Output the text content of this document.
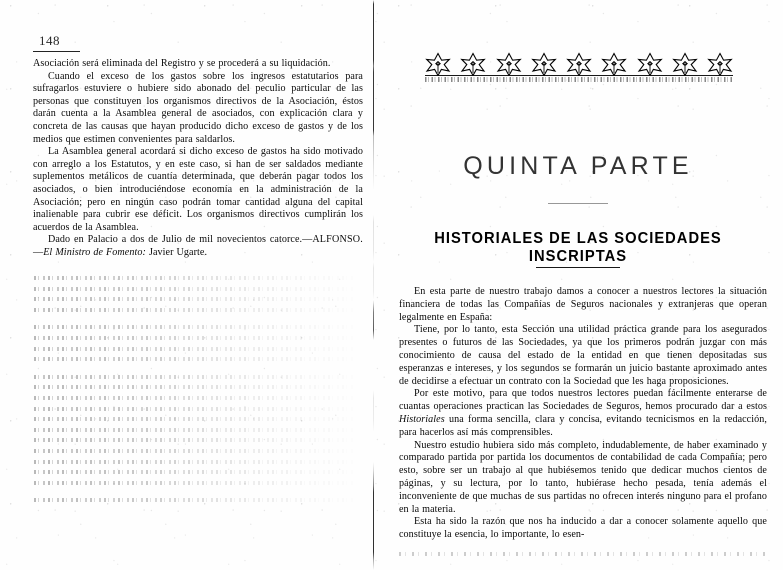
148

Asociación será eliminada del Registro y se procederá a su liquidación.

Cuando el exceso de los gastos sobre los ingresos estatutarios para sufragarlos estuviere o hubiere sido abonado del peculio particular de las personas que constituyen los organismos directivos de la Asociación, éstos darán cuenta a la Asamblea general de asociados, con explicación clara y concreta de las causas que hayan producido dicho exceso de gastos y de los medios que estimen convenientes para saldarlos.

La Asamblea general acordará si dicho exceso de gastos ha sido motivado con arreglo a los Estatutos, y en este caso, si han de ser saldados mediante suplementos metálicos de cuantía determinada, que deberán pagar todos los asociados, o bien introduciéndose economía en la administración de la Asociación; pero en ningún caso podrán tomar cantidad alguna del capital inalienable para cubrir ese déficit. Los organismos directivos cumplirán los acuerdos de la Asamblea.

Dado en Palacio a dos de Julio de mil novecientos catorce.—ALFONSO.—El Ministro de Fomento: Javier Ugarte.

QUINTA PARTE
HISTORIALES DE LAS SOCIEDADES INSCRIPTAS

En esta parte de nuestro trabajo damos a conocer a nuestros lectores la situación financiera de todas las Compañías de Seguros nacionales y extranjeras que operan legalmente en España:

Tiene, por lo tanto, esta Sección una utilidad práctica grande para los asegurados presentes o futuros de las Sociedades, ya que los primeros podrán juzgar con más conocimiento de causa del estado de la entidad en que tienen depositadas sus esperanzas e intereses, y los segundos se formarán un juicio bastante aproximado antes de decidirse a efectuar un contrato con la Sociedad que les haga proposiciones.

Por este motivo, para que todos nuestros lectores puedan fácilmente enterarse de cuantas operaciones practican las Sociedades de Seguros, hemos procurado dar a estos Historiales una forma sencilla, clara y concisa, evitando tecnicismos en la redacción, para hacerlos así más comprensibles.

Nuestro estudio hubiera sido más completo, indudablemente, de haber examinado y comparado partida por partida los documentos de contabilidad de cada Compañía; pero esto, sobre ser un trabajo al que hubiésemos tenido que dedicar muchos cientos de páginas, y su lectura, por lo tanto, hubiérase hecho pesada, tenía además el inconveniente de que muchas de sus partidas no ofrecen interés ninguno para el profano en la materia.

Esta ha sido la razón que nos ha inducido a dar a conocer solamente aquello que constituye la esencia, lo importante, lo esen-
